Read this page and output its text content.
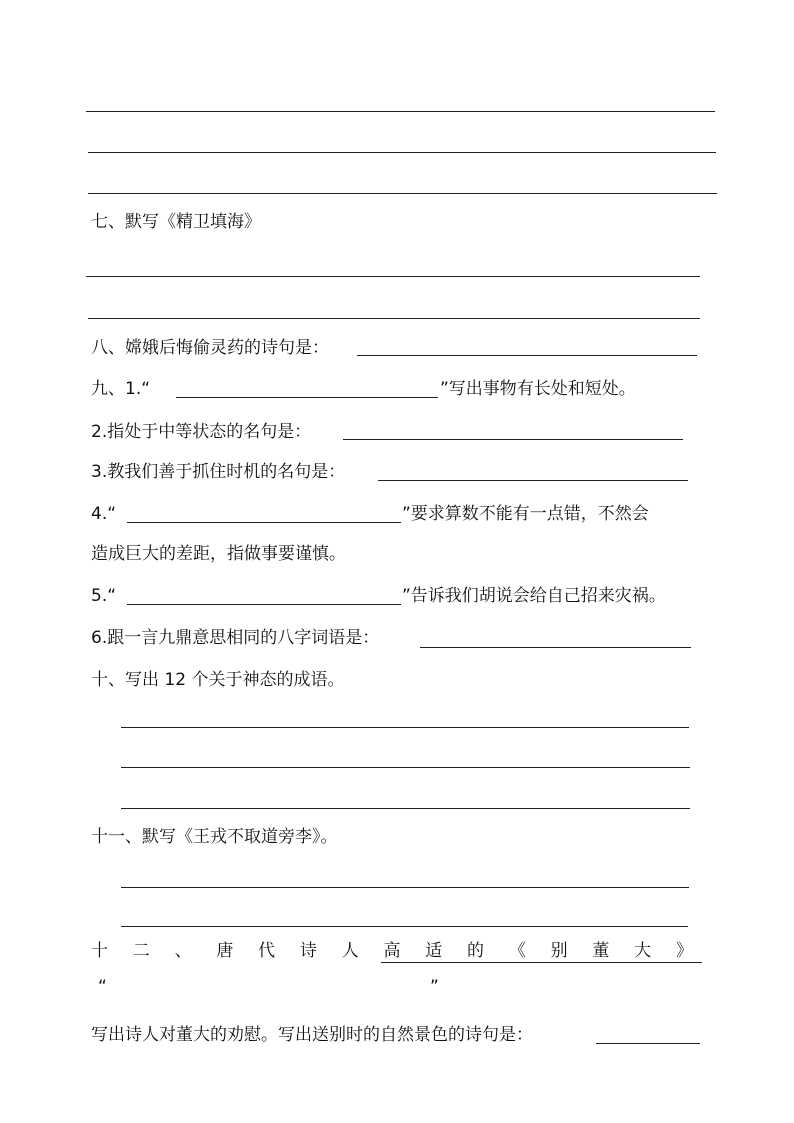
七、默写《精卫填海》
八、嫦娥后悔偷灵药的诗句是：
九、1.“	”写出事物有长处和短处。
2.指处于中等状态的名句是：
3.教我们善于抓住时机的名句是：
4.“	”要求算数不能有一点错，不然会
造成巨大的差距，指做事要谨慎。
5.“	”告诉我们胡说会给自己招来灾祸。
6.跟一言九鼎意思相同的八字词语是：
十、写出 12 个关于神态的成语。
十一、默写《王戎不取道旁李》。
十 二 、 唐 代 诗 人 高 适 的 《 别 董 大 》
“	”
写出诗人对董大的劝慰。写出送别时的自然景色的诗句是：
